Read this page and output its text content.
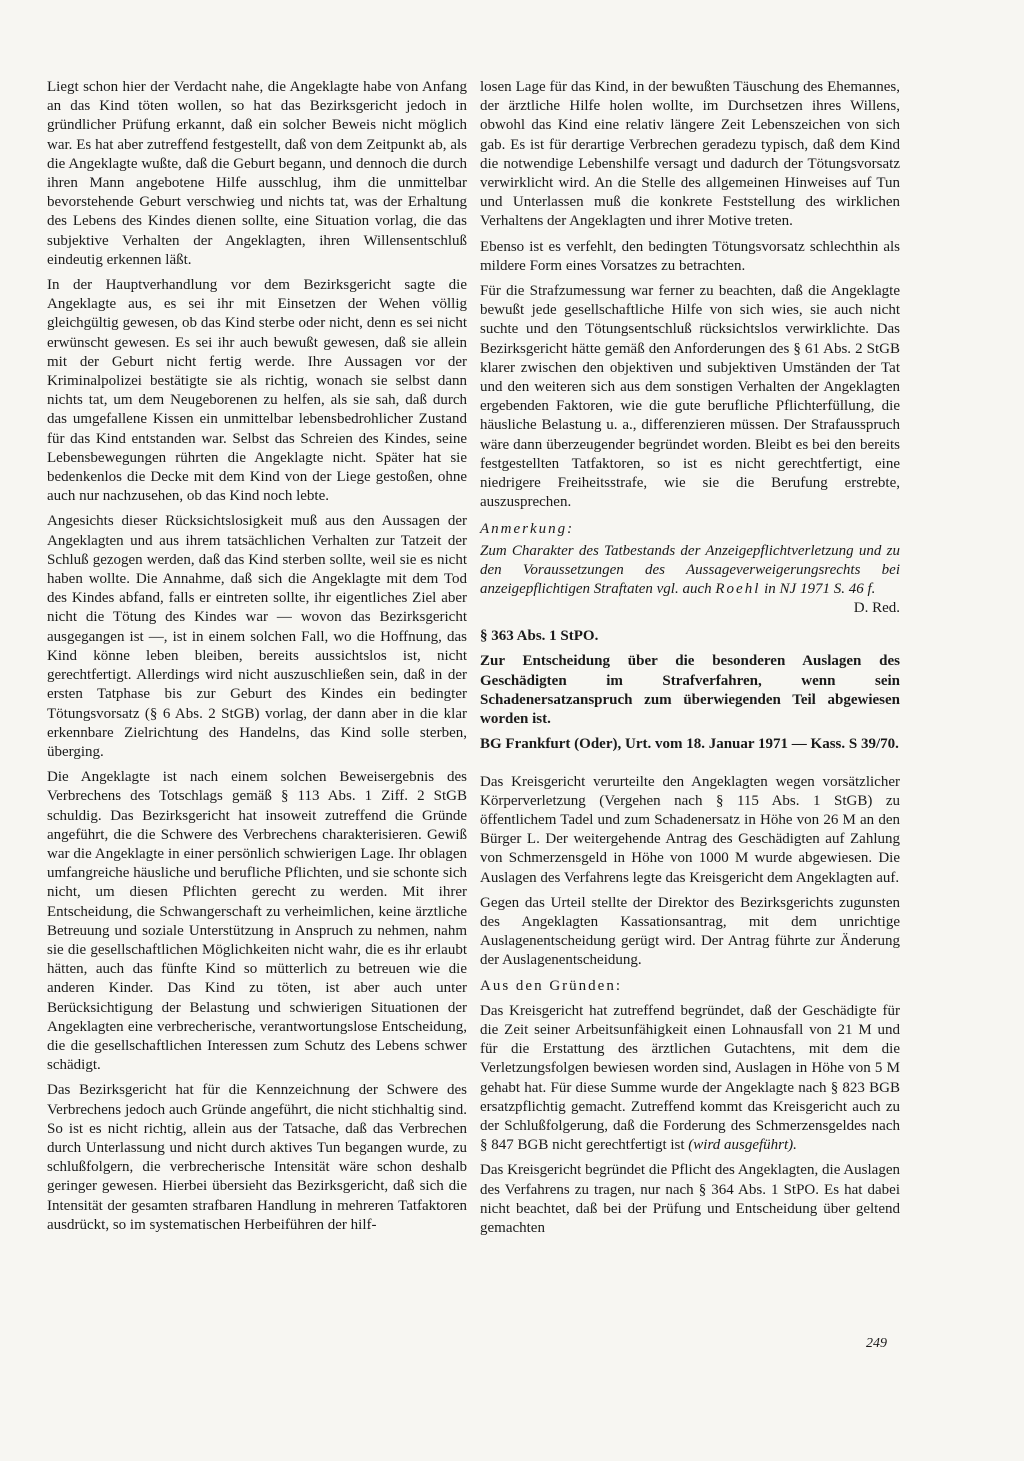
Liegt schon hier der Verdacht nahe, die Angeklagte habe von Anfang an das Kind töten wollen, so hat das Bezirksgericht jedoch in gründlicher Prüfung erkannt, daß ein solcher Beweis nicht möglich war. Es hat aber zutreffend festgestellt, daß von dem Zeitpunkt ab, als die Angeklagte wußte, daß die Geburt begann, und dennoch die durch ihren Mann angebotene Hilfe ausschlug, ihm die unmittelbar bevorstehende Geburt verschwieg und nichts tat, was der Erhaltung des Lebens des Kindes dienen sollte, eine Situation vorlag, die das subjektive Verhalten der Angeklagten, ihren Willensentschluß eindeutig erkennen läßt.

In der Hauptverhandlung vor dem Bezirksgericht sagte die Angeklagte aus, es sei ihr mit Einsetzen der Wehen völlig gleichgültig gewesen, ob das Kind sterbe oder nicht, denn es sei nicht erwünscht gewesen. Es sei ihr auch bewußt gewesen, daß sie allein mit der Geburt nicht fertig werde. Ihre Aussagen vor der Kriminalpolizei bestätigte sie als richtig, wonach sie selbst dann nichts tat, um dem Neugeborenen zu helfen, als sie sah, daß durch das umgefallene Kissen ein unmittelbar lebensbedrohlicher Zustand für das Kind entstanden war. Selbst das Schreien des Kindes, seine Lebensbewegungen rührten die Angeklagte nicht. Später hat sie bedenkenlos die Decke mit dem Kind von der Liege gestoßen, ohne auch nur nachzusehen, ob das Kind noch lebte.

Angesichts dieser Rücksichtslosigkeit muß aus den Aussagen der Angeklagten und aus ihrem tatsächlichen Verhalten zur Tatzeit der Schluß gezogen werden, daß das Kind sterben sollte, weil sie es nicht haben wollte. Die Annahme, daß sich die Angeklagte mit dem Tod des Kindes abfand, falls er eintreten sollte, ihr eigentliches Ziel aber nicht die Tötung des Kindes war — wovon das Bezirksgericht ausgegangen ist —, ist in einem solchen Fall, wo die Hoffnung, das Kind könne leben bleiben, bereits aussichtslos ist, nicht gerechtfertigt. Allerdings wird nicht auszuschließen sein, daß in der ersten Tatphase bis zur Geburt des Kindes ein bedingter Tötungsvorsatz (§ 6 Abs. 2 StGB) vorlag, der dann aber in die klar erkennbare Zielrichtung des Handelns, das Kind solle sterben, überging.

Die Angeklagte ist nach einem solchen Beweisergebnis des Verbrechens des Totschlags gemäß § 113 Abs. 1 Ziff. 2 StGB schuldig. Das Bezirksgericht hat insoweit zutreffend die Gründe angeführt, die die Schwere des Verbrechens charakterisieren. Gewiß war die Angeklagte in einer persönlich schwierigen Lage. Ihr oblagen umfangreiche häusliche und berufliche Pflichten, und sie schonte sich nicht, um diesen Pflichten gerecht zu werden. Mit ihrer Entscheidung, die Schwangerschaft zu verheimlichen, keine ärztliche Betreuung und soziale Unterstützung in Anspruch zu nehmen, nahm sie die gesellschaftlichen Möglichkeiten nicht wahr, die es ihr erlaubt hätten, auch das fünfte Kind so mütterlich zu betreuen wie die anderen Kinder. Das Kind zu töten, ist aber auch unter Berücksichtigung der Belastung und schwierigen Situationen der Angeklagten eine verbrecherische, verantwortungslose Entscheidung, die die gesellschaftlichen Interessen zum Schutz des Lebens schwer schädigt.

Das Bezirksgericht hat für die Kennzeichnung der Schwere des Verbrechens jedoch auch Gründe angeführt, die nicht stichhaltig sind. So ist es nicht richtig, allein aus der Tatsache, daß das Verbrechen durch Unterlassung und nicht durch aktives Tun begangen wurde, zu schlußfolgern, die verbrecherische Intensität wäre schon deshalb geringer gewesen. Hierbei übersieht das Bezirksgericht, daß sich die Intensität der gesamten strafbaren Handlung in mehreren Tatfaktoren ausdrückt, so im systematischen Herbeiführen der hilf-

losen Lage für das Kind, in der bewußten Täuschung des Ehemannes, der ärztliche Hilfe holen wollte, im Durchsetzen ihres Willens, obwohl das Kind eine relativ längere Zeit Lebenszeichen von sich gab. Es ist für derartige Verbrechen geradezu typisch, daß dem Kind die notwendige Lebenshilfe versagt und dadurch der Tötungsvorsatz verwirklicht wird. An die Stelle des allgemeinen Hinweises auf Tun und Unterlassen muß die konkrete Feststellung des wirklichen Verhaltens der Angeklagten und ihrer Motive treten.

Ebenso ist es verfehlt, den bedingten Tötungsvorsatz schlechthin als mildere Form eines Vorsatzes zu betrachten.

Für die Strafzumessung war ferner zu beachten, daß die Angeklagte bewußt jede gesellschaftliche Hilfe von sich wies, sie auch nicht suchte und den Tötungsentschluß rücksichtslos verwirklichte. Das Bezirksgericht hätte gemäß den Anforderungen des § 61 Abs. 2 StGB klarer zwischen den objektiven und subjektiven Umständen der Tat und den weiteren sich aus dem sonstigen Verhalten der Angeklagten ergebenden Faktoren, wie die gute berufliche Pflichterfüllung, die häusliche Belastung u. a., differenzieren müssen. Der Strafausspruch wäre dann überzeugender begründet worden. Bleibt es bei den bereits festgestellten Tatfaktoren, so ist es nicht gerechtfertigt, eine niedrigere Freiheitsstrafe, wie sie die Berufung erstrebte, auszusprechen.

Anmerkung:

Zum Charakter des Tatbestands der Anzeigepflichtverletzung und zu den Voraussetzungen des Aussageverweigerungsrechts bei anzeigepflichtigen Straftaten vgl. auch Roehl in NJ 1971 S. 46 f.
D. Red.

§ 363 Abs. 1 StPO.

Zur Entscheidung über die besonderen Auslagen des Geschädigten im Strafverfahren, wenn sein Schadenersatzanspruch zum überwiegenden Teil abgewiesen worden ist.

BG Frankfurt (Oder), Urt. vom 18. Januar 1971 — Kass. S 39/70.

Das Kreisgericht verurteilte den Angeklagten wegen vorsätzlicher Körperverletzung (Vergehen nach § 115 Abs. 1 StGB) zu öffentlichem Tadel und zum Schadenersatz in Höhe von 26 M an den Bürger L. Der weitergehende Antrag des Geschädigten auf Zahlung von Schmerzensgeld in Höhe von 1000 M wurde abgewiesen. Die Auslagen des Verfahrens legte das Kreisgericht dem Angeklagten auf.

Gegen das Urteil stellte der Direktor des Bezirksgerichts zugunsten des Angeklagten Kassationsantrag, mit dem unrichtige Auslagenentscheidung gerügt wird. Der Antrag führte zur Änderung der Auslagenentscheidung.

Aus den Gründen:

Das Kreisgericht hat zutreffend begründet, daß der Geschädigte für die Zeit seiner Arbeitsunfähigkeit einen Lohnausfall von 21 M und für die Erstattung des ärztlichen Gutachtens, mit dem die Verletzungsfolgen bewiesen worden sind, Auslagen in Höhe von 5 M gehabt hat. Für diese Summe wurde der Angeklagte nach § 823 BGB ersatzpflichtig gemacht. Zutreffend kommt das Kreisgericht auch zu der Schlußfolgerung, daß die Forderung des Schmerzensgeldes nach § 847 BGB nicht gerechtfertigt ist (wird ausgeführt).

Das Kreisgericht begründet die Pflicht des Angeklagten, die Auslagen des Verfahrens zu tragen, nur nach § 364 Abs. 1 StPO. Es hat dabei nicht beachtet, daß bei der Prüfung und Entscheidung über geltend gemachten

249
